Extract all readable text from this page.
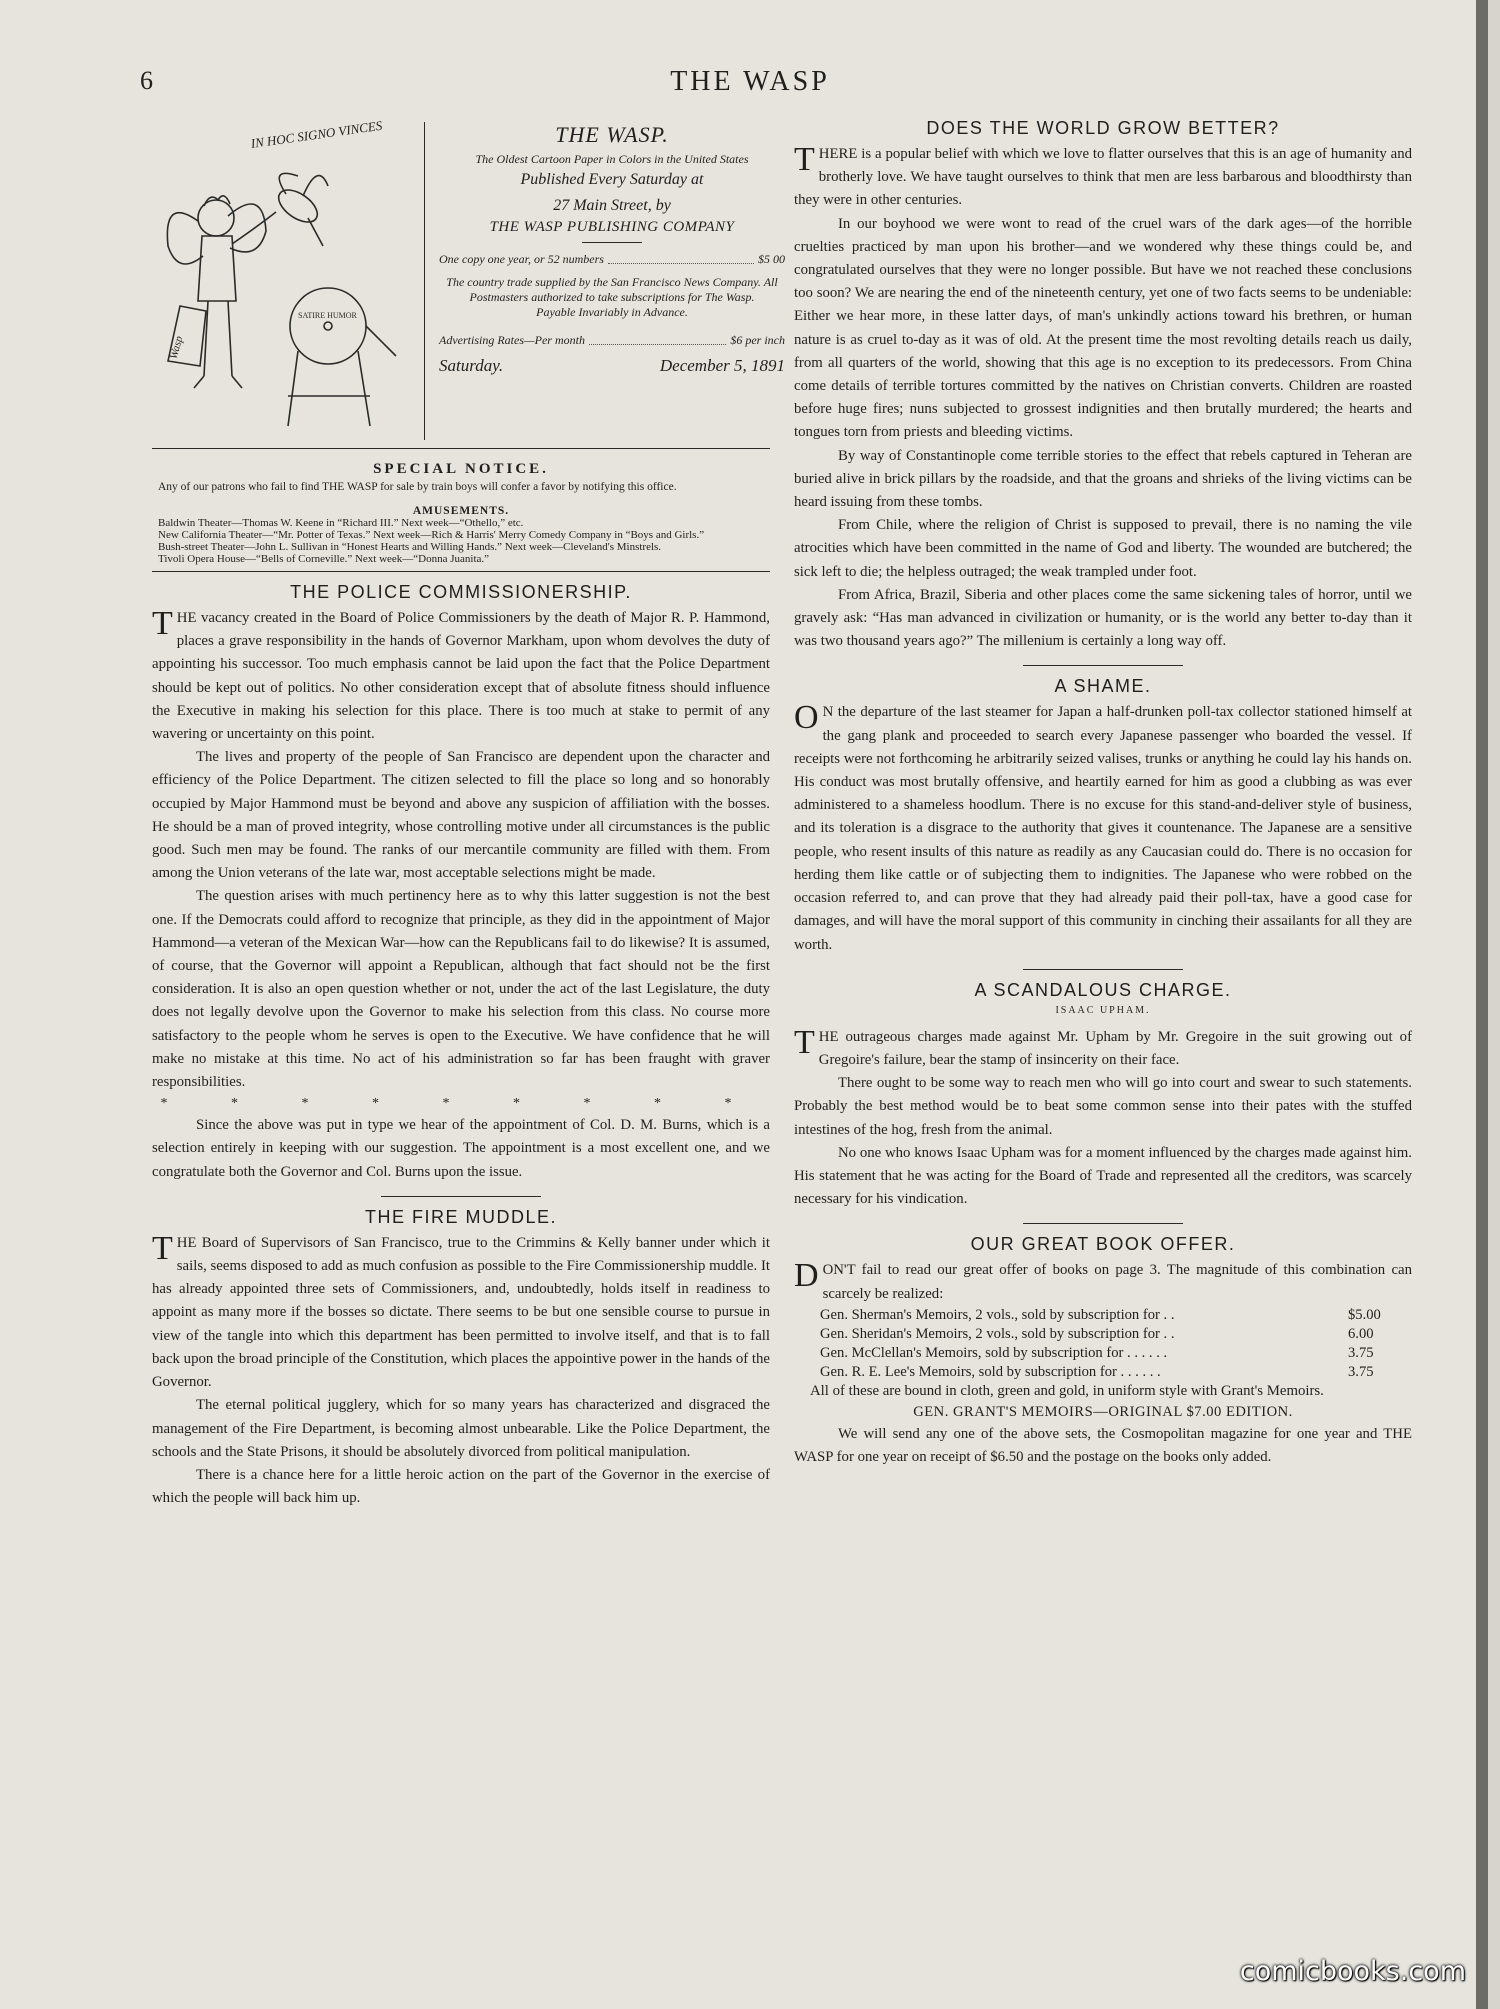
6	THE WASP
IN HOC SIGNO VINCES
Wasp
SATIRE HUMOR
THE WASP.
The Oldest Cartoon Paper in Colors in the United States
Published Every Saturday at
27 Main Street, by
THE WASP PUBLISHING COMPANY
One copy one year, or 52 numbers	$5 00
The country trade supplied by the San Francisco News Company. All Postmasters authorized to take subscriptions for The Wasp.
Payable Invariably in Advance.
Advertising Rates—Per month	$6 per inch
Saturday.	December 5, 1891
SPECIAL NOTICE.
Any of our patrons who fail to find THE WASP for sale by train boys will confer a favor by notifying this office.
AMUSEMENTS.
Baldwin Theater—Thomas W. Keene in “Richard III.” Next week—“Othello,” etc.
New California Theater—“Mr. Potter of Texas.” Next week—Rich & Harris' Merry Comedy Company in “Boys and Girls.”
Bush-street Theater—John L. Sullivan in “Honest Hearts and Willing Hands.” Next week—Cleveland's Minstrels.
Tivoli Opera House—“Bells of Corneville.” Next week—“Donna Juanita.”
THE POLICE COMMISSIONERSHIP.

THE vacancy created in the Board of Police Commissioners by the death of Major R. P. Hammond, places a grave responsibility in the hands of Governor Markham, upon whom devolves the duty of appointing his successor. Too much emphasis cannot be laid upon the fact that the Police Department should be kept out of politics. No other consideration except that of absolute fitness should influence the Executive in making his selection for this place. There is too much at stake to permit of any wavering or uncertainty on this point.

The lives and property of the people of San Francisco are dependent upon the character and efficiency of the Police Department. The citizen selected to fill the place so long and so honorably occupied by Major Hammond must be beyond and above any suspicion of affiliation with the bosses. He should be a man of proved integrity, whose controlling motive under all circumstances is the public good. Such men may be found. The ranks of our mercantile community are filled with them. From among the Union veterans of the late war, most acceptable selections might be made.

The question arises with much pertinency here as to why this latter suggestion is not the best one. If the Democrats could afford to recognize that principle, as they did in the appointment of Major Hammond—a veteran of the Mexican War—how can the Republicans fail to do likewise? It is assumed, of course, that the Governor will appoint a Republican, although that fact should not be the first consideration. It is also an open question whether or not, under the act of the last Legislature, the duty does not legally devolve upon the Governor to make his selection from this class. No course more satisfactory to the people whom he serves is open to the Executive. We have confidence that he will make no mistake at this time. No act of his administration so far has been fraught with graver responsibilities.

* * * * * * * * *

Since the above was put in type we hear of the appointment of Col. D. M. Burns, which is a selection entirely in keeping with our suggestion. The appointment is a most excellent one, and we congratulate both the Governor and Col. Burns upon the issue.

THE FIRE MUDDLE.

THE Board of Supervisors of San Francisco, true to the Crimmins & Kelly banner under which it sails, seems disposed to add as much confusion as possible to the Fire Commissionership muddle. It has already appointed three sets of Commissioners, and, undoubtedly, holds itself in readiness to appoint as many more if the bosses so dictate. There seems to be but one sensible course to pursue in view of the tangle into which this department has been permitted to involve itself, and that is to fall back upon the broad principle of the Constitution, which places the appointive power in the hands of the Governor.

The eternal political jugglery, which for so many years has characterized and disgraced the management of the Fire Department, is becoming almost unbearable. Like the Police Department, the schools and the State Prisons, it should be absolutely divorced from political manipulation.

There is a chance here for a little heroic action on the part of the Governor in the exercise of which the people will back him up.

DOES THE WORLD GROW BETTER?

THERE is a popular belief with which we love to flatter ourselves that this is an age of humanity and brotherly love. We have taught ourselves to think that men are less barbarous and bloodthirsty than they were in other centuries.

In our boyhood we were wont to read of the cruel wars of the dark ages—of the horrible cruelties practiced by man upon his brother—and we wondered why these things could be, and congratulated ourselves that they were no longer possible. But have we not reached these conclusions too soon? We are nearing the end of the nineteenth century, yet one of two facts seems to be undeniable: Either we hear more, in these latter days, of man's unkindly actions toward his brethren, or human nature is as cruel to-day as it was of old. At the present time the most revolting details reach us daily, from all quarters of the world, showing that this age is no exception to its predecessors. From China come details of terrible tortures committed by the natives on Christian converts. Children are roasted before huge fires; nuns subjected to grossest indignities and then brutally murdered; the hearts and tongues torn from priests and bleeding victims.

By way of Constantinople come terrible stories to the effect that rebels captured in Teheran are buried alive in brick pillars by the roadside, and that the groans and shrieks of the living victims can be heard issuing from these tombs.

From Chile, where the religion of Christ is supposed to prevail, there is no naming the vile atrocities which have been committed in the name of God and liberty. The wounded are butchered; the sick left to die; the helpless outraged; the weak trampled under foot.

From Africa, Brazil, Siberia and other places come the same sickening tales of horror, until we gravely ask: “Has man advanced in civilization or humanity, or is the world any better to-day than it was two thousand years ago?” The millenium is certainly a long way off.

A SHAME.

ON the departure of the last steamer for Japan a half-drunken poll-tax collector stationed himself at the gang plank and proceeded to search every Japanese passenger who boarded the vessel. If receipts were not forthcoming he arbitrarily seized valises, trunks or anything he could lay his hands on. His conduct was most brutally offensive, and heartily earned for him as good a clubbing as was ever administered to a shameless hoodlum. There is no excuse for this stand-and-deliver style of business, and its toleration is a disgrace to the authority that gives it countenance. The Japanese are a sensitive people, who resent insults of this nature as readily as any Caucasian could do. There is no occasion for herding them like cattle or of subjecting them to indignities. The Japanese who were robbed on the occasion referred to, and can prove that they had already paid their poll-tax, have a good case for damages, and will have the moral support of this community in cinching their assailants for all they are worth.

A SCANDALOUS CHARGE.
ISAAC UPHAM.

THE outrageous charges made against Mr. Upham by Mr. Gregoire in the suit growing out of Gregoire's failure, bear the stamp of insincerity on their face.

There ought to be some way to reach men who will go into court and swear to such statements. Probably the best method would be to beat some common sense into their pates with the stuffed intestines of the hog, fresh from the animal.

No one who knows Isaac Upham was for a moment influenced by the charges made against him. His statement that he was acting for the Board of Trade and represented all the creditors, was scarcely necessary for his vindication.

OUR GREAT BOOK OFFER.

DON'T fail to read our great offer of books on page 3. The magnitude of this combination can scarcely be realized:

Gen. Sherman's Memoirs, 2 vols., sold by subscription for . .	$5.00
Gen. Sheridan's Memoirs, 2 vols., sold by subscription for . .	6.00
Gen. McClellan's Memoirs, sold by subscription for . . . . . .	3.75
Gen. R. E. Lee's Memoirs, sold by subscription for . . . . . .	3.75

All of these are bound in cloth, green and gold, in uniform style with Grant's Memoirs.

GEN. GRANT'S MEMOIRS—ORIGINAL $7.00 EDITION.

We will send any one of the above sets, the Cosmopolitan magazine for one year and THE WASP for one year on receipt of $6.50 and the postage on the books only added.

comicbooks.com
